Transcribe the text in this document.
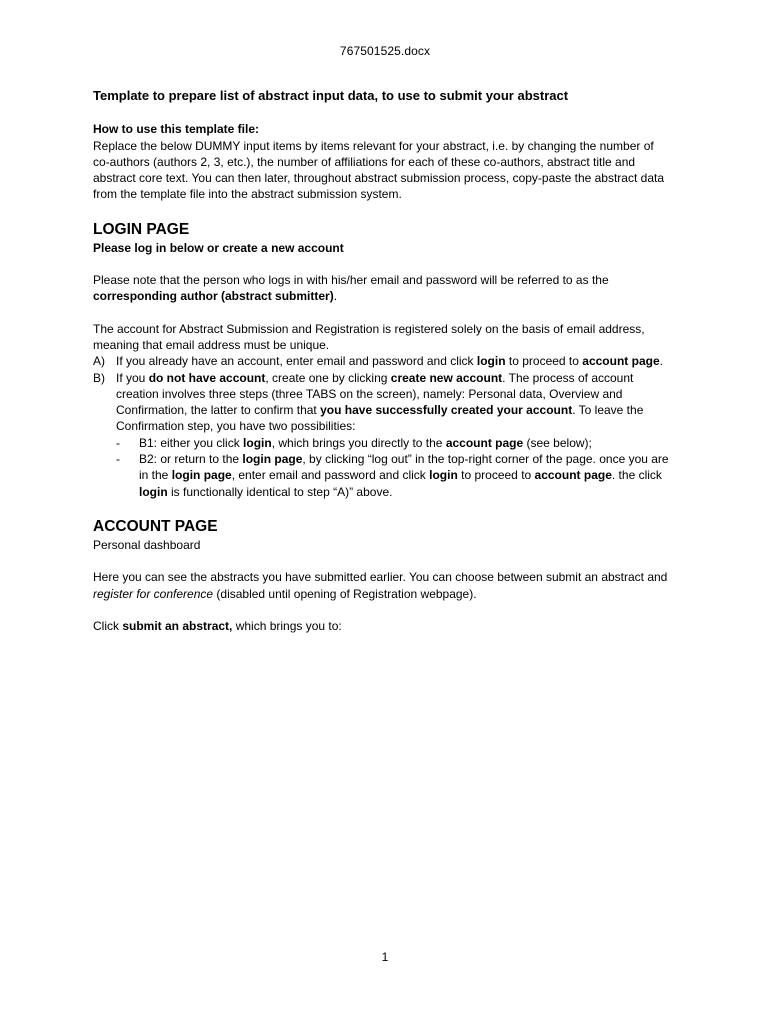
767501525.docx

Template to prepare list of abstract input data, to use to submit your abstract

How to use this template file:

Replace the below DUMMY input items by items relevant for your abstract, i.e. by changing the number of co-authors (authors 2, 3, etc.), the number of affiliations for each of these co-authors, abstract title and abstract core text. You can then later, throughout abstract submission process, copy-paste the abstract data from the template file into the abstract submission system.

LOGIN PAGE

Please log in below or create a new account

Please note that the person who logs in with his/her email and password will be referred to as the corresponding author (abstract submitter).

The account for Abstract Submission and Registration is registered solely on the basis of email address, meaning that email address must be unique.

A) If you already have an account, enter email and password and click login to proceed to account page.
B) If you do not have account, create one by clicking create new account. The process of account creation involves three steps (three TABS on the screen), namely: Personal data, Overview and Confirmation, the latter to confirm that you have successfully created your account. To leave the Confirmation step, you have two possibilities:
- B1: either you click login, which brings you directly to the account page (see below);
- B2: or return to the login page, by clicking “log out” in the top-right corner of the page. once you are in the login page, enter email and password and click login to proceed to account page. the click login is functionally identical to step “A)” above.

ACCOUNT PAGE

Personal dashboard

Here you can see the abstracts you have submitted earlier. You can choose between submit an abstract and register for conference (disabled until opening of Registration webpage).

Click submit an abstract, which brings you to:

1
